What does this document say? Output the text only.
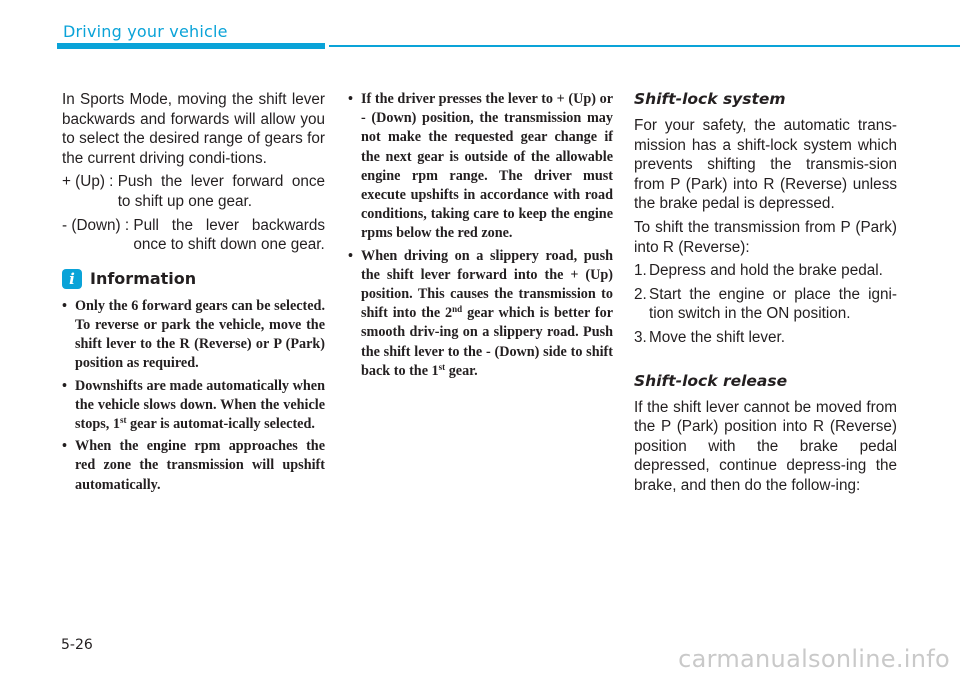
Driving your vehicle

In Sports Mode, moving the shift lever backwards and forwards will allow you to select the desired range of gears for the current driving condi-tions.

+ (Up) : Push the lever forward once to shift up one gear.
- (Down) : Pull the lever backwards once to shift down one gear.
i Information
• Only the 6 forward gears can be selected. To reverse or park the vehicle, move the shift lever to the R (Reverse) or P (Park) position as required.
• Downshifts are made automatically when the vehicle slows down. When the vehicle stops, 1st gear is automat-ically selected.
• When the engine rpm approaches the red zone the transmission will upshift automatically.
• If the driver presses the lever to + (Up) or - (Down) position, the transmission may not make the requested gear change if the next gear is outside of the allowable engine rpm range. The driver must execute upshifts in accordance with road conditions, taking care to keep the engine rpms below the red zone.
• When driving on a slippery road, push the shift lever forward into the + (Up) position. This causes the transmission to shift into the 2nd gear which is better for smooth driv-ing on a slippery road. Push the shift lever to the - (Down) side to shift back to the 1st gear.
Shift-lock system

For your safety, the automatic trans-mission has a shift-lock system which prevents shifting the transmis-sion from P (Park) into R (Reverse) unless the brake pedal is depressed.

To shift the transmission from P (Park) into R (Reverse):

1. Depress and hold the brake pedal.
2. Start the engine or place the igni-tion switch in the ON position.
3. Move the shift lever.
Shift-lock release

If the shift lever cannot be moved from the P (Park) position into R (Reverse) position with the brake pedal depressed, continue depress-ing the brake, and then do the follow-ing:

5-26	carmanualsonline.info
